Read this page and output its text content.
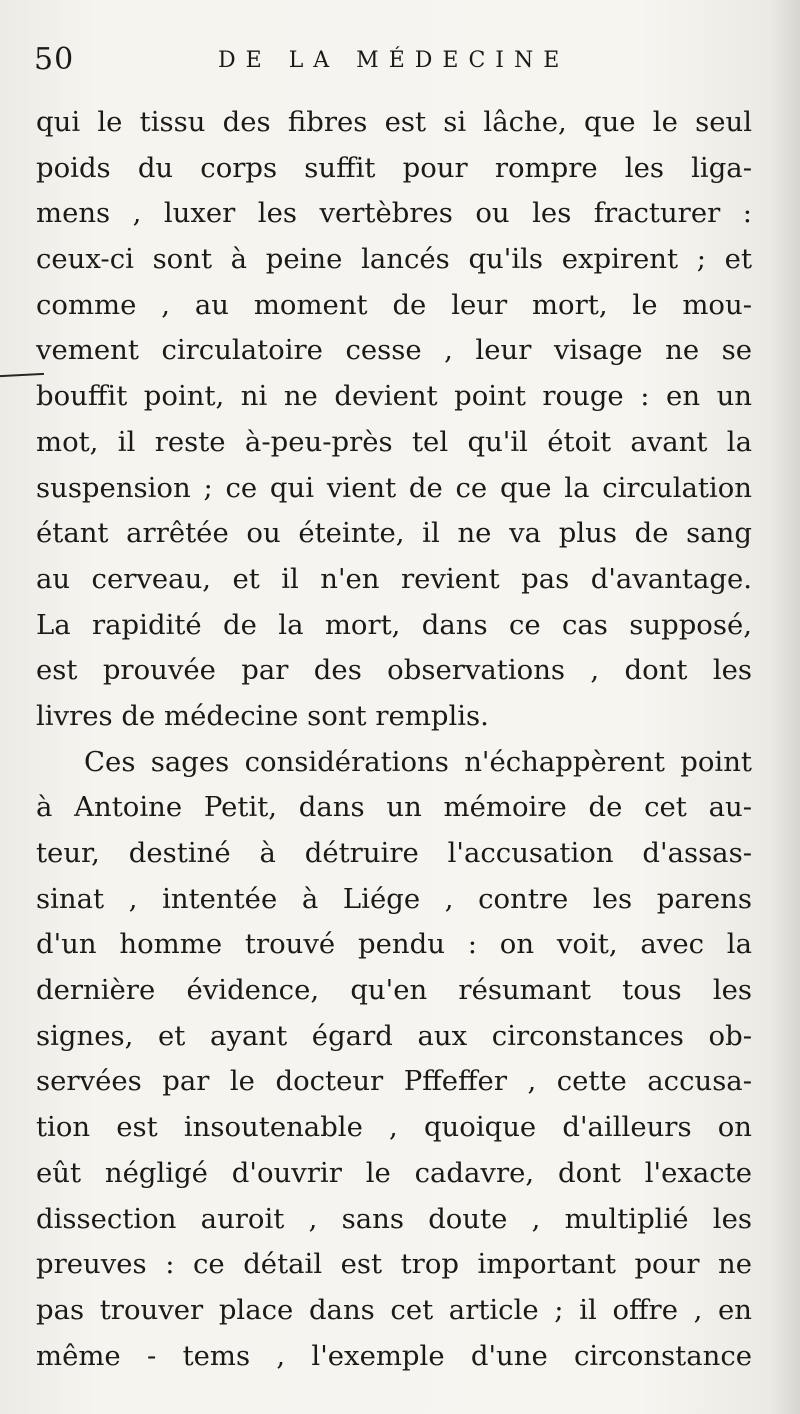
50	DE LA MÉDECINE
qui le tissu des fibres est si lâche, que le seul
poids du corps suffit pour rompre les liga-
mens , luxer les vertèbres ou les fracturer :
ceux-ci sont à peine lancés qu'ils expirent ; et
comme , au moment de leur mort, le mou-
vement circulatoire cesse , leur visage ne se
bouffit point, ni ne devient point rouge : en un
mot, il reste à-peu-près tel qu'il étoit avant la
suspension ; ce qui vient de ce que la circulation
étant arrêtée ou éteinte, il ne va plus de sang
au cerveau, et il n'en revient pas d'avantage.
La rapidité de la mort, dans ce cas supposé,
est prouvée par des observations , dont les
livres de médecine sont remplis.
Ces sages considérations n'échappèrent point
à Antoine Petit, dans un mémoire de cet au-
teur, destiné à détruire l'accusation d'assas-
sinat , intentée à Liége , contre les parens
d'un homme trouvé pendu : on voit, avec la
dernière évidence, qu'en résumant tous les
signes, et ayant égard aux circonstances ob-
servées par le docteur Pffeffer , cette accusa-
tion est insoutenable , quoique d'ailleurs on
eût négligé d'ouvrir le cadavre, dont l'exacte
dissection auroit , sans doute , multiplié les
preuves : ce détail est trop important pour ne
pas trouver place dans cet article ; il offre , en
même - tems , l'exemple d'une circonstance
